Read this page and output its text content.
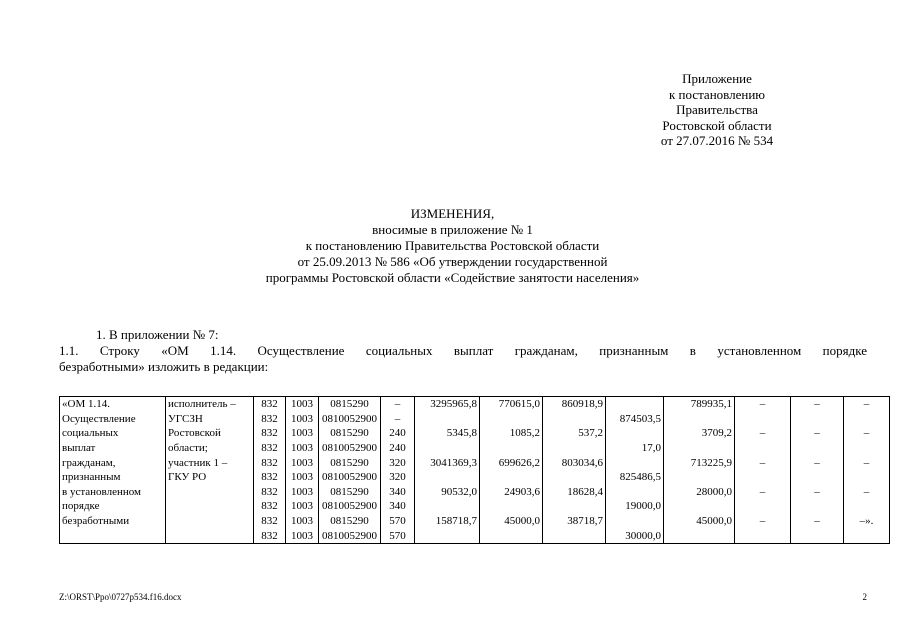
Приложение
к постановлению
Правительства
Ростовской области
от 27.07.2016 № 534
ИЗМЕНЕНИЯ,
вносимые в приложение № 1
к постановлению Правительства Ростовской области
от 25.09.2013 № 586 «Об утверждении государственной
программы Ростовской области «Содействие занятости населения»
1. В приложении № 7:
1.1. Строку «ОМ 1.14. Осуществление социальных выплат гражданам, признанным в установленном порядке
безработными» изложить в редакции:
«ОМ 1.14.	исполнитель –	832	1003	0815290	–	3295965,8	770615,0	860918,9		789935,1	–	–	–
Осуществление	УГСЗН	832	1003	0810052900	–				874503,5				
социальных	Ростовской	832	1003	0815290	240	5345,8	1085,2	537,2		3709,2	–	–	–
выплат	области;	832	1003	0810052900	240				17,0				
гражданам,	участник 1 –	832	1003	0815290	320	3041369,3	699626,2	803034,6		713225,9	–	–	–
признанным	ГКУ РО	832	1003	0810052900	320				825486,5				
в установленном		832	1003	0815290	340	90532,0	24903,6	18628,4		28000,0	–	–	–
порядке		832	1003	0810052900	340				19000,0				
безработными		832	1003	0815290	570	158718,7	45000,0	38718,7		45000,0	–	–	–».
		832	1003	0810052900	570				30000,0				
Z:\ORST\Ppo\0727p534.f16.docx	2
